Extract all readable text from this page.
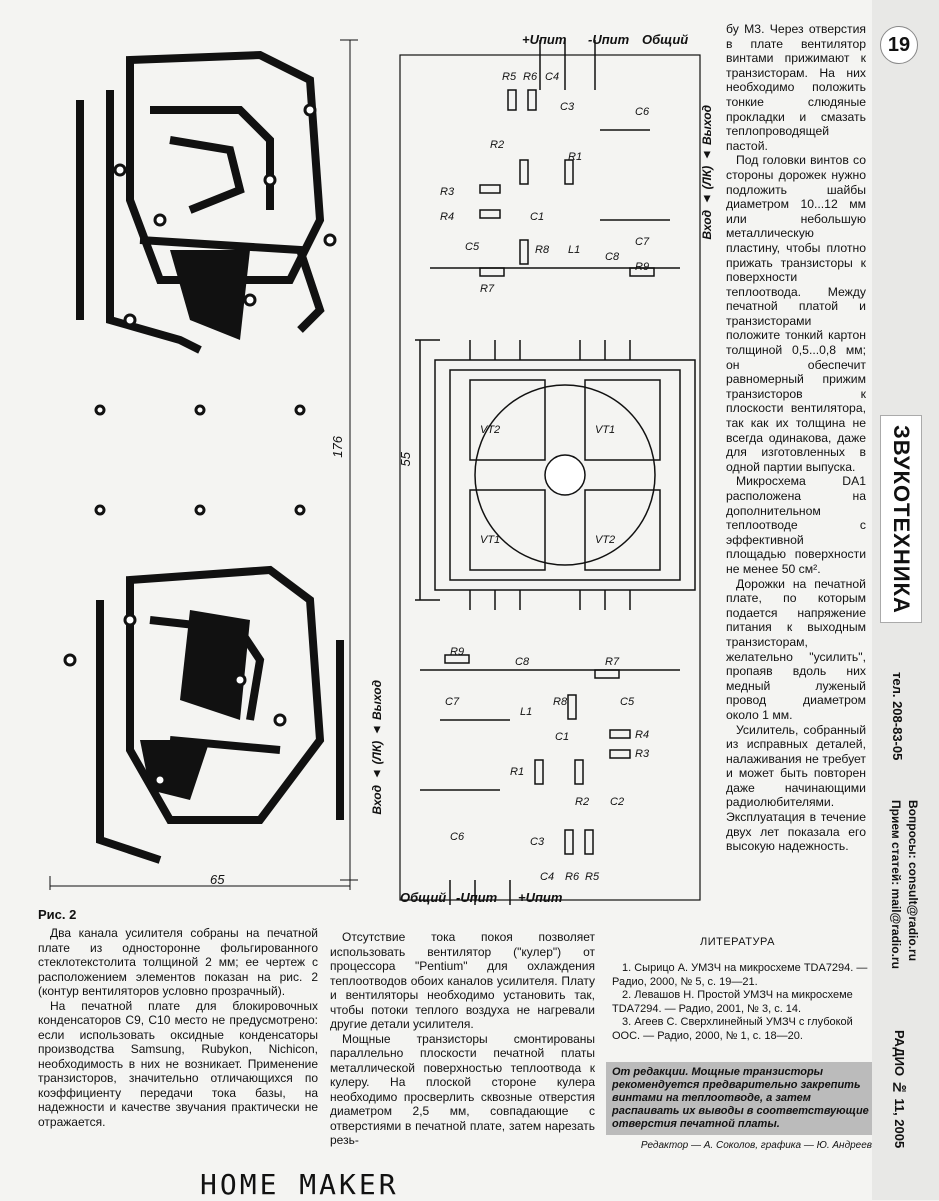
176
65
R5 R6 C4
C3	C6
R2
R1
R3
R4	C1
C5	R8 L1
C8
C7
R9
R7
VT2	VT1
VT1	VT2
R9
C8	R7
C7
L1
R8	C5
R4
R3
R1
C1
R2 C2
C6	C3
C4 R6 R5
+Uпит -Uпит Общий
Общий -Uпит +Uпит
Вход ▲ (ЛК) ▲ Выход
Вход ▲ (ЛК) ▲ Выход
55

бу М3. Через отверстия в плате вентилятор винтами прижимают к транзисторам. На них необходимо положить тонкие слюдяные прокладки и смазать теплопроводящей пастой.

Под головки винтов со стороны дорожек нужно подложить шайбы диаметром 10...12 мм или небольшую металлическую пластину, чтобы плотно прижать транзисторы к поверхности теплоотвода. Между печатной платой и транзисторами положите тонкий картон толщиной 0,5...0,8 мм; он обеспечит равномерный прижим транзисторов к плоскости вентилятора, так как их толщина не всегда одинакова, даже для изготовленных в одной партии выпуска.

Микросхема DA1 расположена на дополнительном теплоотводе с эффективной площадью поверхности не менее 50 см².

Дорожки на печатной плате, по которым подается напряжение питания к выходным транзисторам, желательно "усилить", пропаяв вдоль них медный луженый провод диаметром около 1 мм.

Усилитель, собранный из исправных деталей, налаживания не требует и может быть повторен даже начинающими радиолюбителями. Эксплуатация в течение двух лет показала его высокую надежность.

Рис. 2

Два канала усилителя собраны на печатной плате из односторонне фольгированного стеклотекстолита толщиной 2 мм; ее чертеж с расположением элементов показан на рис. 2 (контур вентиляторов условно прозрачный).

На печатной плате для блокировочных конденсаторов C9, C10 место не предусмотрено: если использовать оксидные конденсаторы производства Samsung, Rubykon, Nichicon, необходимость в них не возникает. Применение транзисторов, значительно отличающихся по коэффициенту передачи тока базы, на надежности и качестве звучания практически не отражается.

Отсутствие тока покоя позволяет использовать вентилятор ("кулер") от процессора "Pentium" для охлаждения теплоотводов обоих каналов усилителя. Плату и вентиляторы необходимо установить так, чтобы потоки теплого воздуха не нагревали другие детали усилителя.

Мощные транзисторы смонтированы параллельно плоскости печатной платы металлической поверхностью теплоотвода к кулеру. На плоской стороне кулера необходимо просверлить сквозные отверстия диаметром 2,5 мм, совпадающие с отверстиями в печатной плате, затем нарезать резь-

ЛИТЕРАТУРА

1. Сырицо А. УМЗЧ на микросхеме TDA7294. — Радио, 2000, № 5, с. 19—21.

2. Левашов Н. Простой УМЗЧ на микросхеме TDA7294. — Радио, 2001, № 3, с. 14.

3. Агеев С. Сверхлинейный УМЗЧ с глубокой ООС. — Радио, 2000, № 1, с. 18—20.

От редакции. Мощные транзисторы рекомендуется предварительно закрепить винтами на теплоотводе, а затем распаивать их выводы в соответствующие отверстия печатной платы.
Редактор — А. Соколов, графика — Ю. Андреев
19
ЗВУКОТЕХНИКА
тел. 208-83-05
Прием статей: mail@radio.ru Вопросы: consult@radio.ru
РАДИО № 11, 2005
HOME MAKER
